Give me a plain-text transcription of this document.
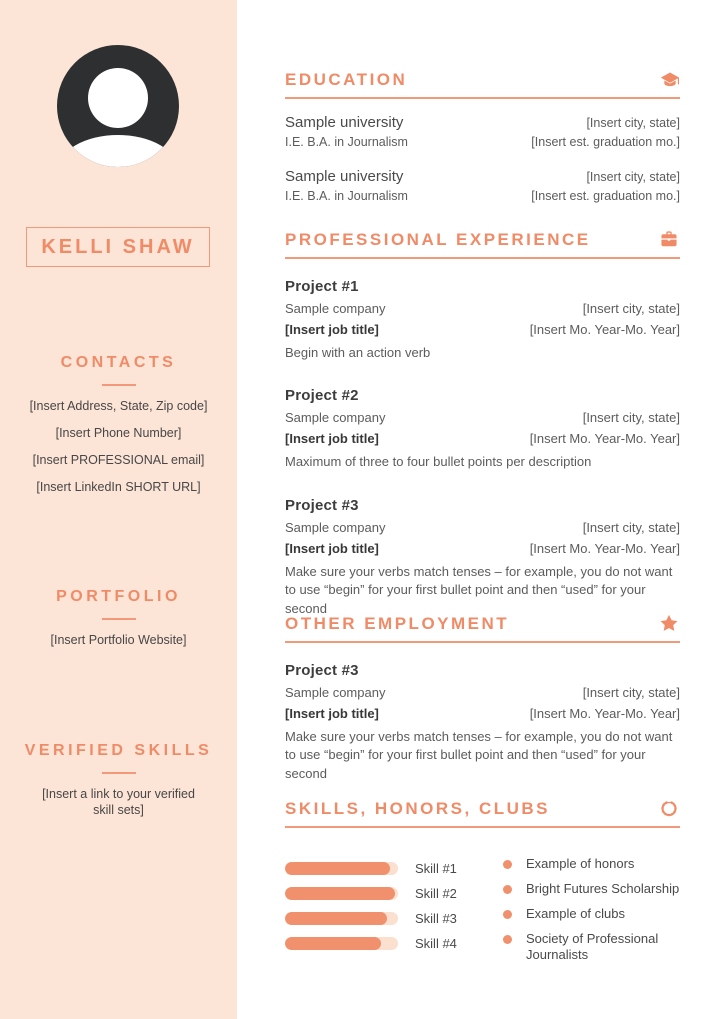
KELLI SHAW
CONTACTS
[Insert Address, State, Zip code]
[Insert Phone Number]
[Insert PROFESSIONAL email]
[Insert LinkedIn SHORT URL]
PORTFOLIO
[Insert Portfolio Website]
VERIFIED SKILLS
[Insert a link to your verified skill sets]
EDUCATION
Sample university	[Insert city, state]
I.E. B.A. in Journalism	[Insert est. graduation mo.]
Sample university	[Insert city, state]
I.E. B.A. in Journalism	[Insert est. graduation mo.]
PROFESSIONAL EXPERIENCE
Project #1
Sample company	[Insert city, state]
[Insert job title]	[Insert Mo. Year-Mo. Year]
Begin with an action verb
Project #2
Sample company	[Insert city, state]
[Insert job title]	[Insert Mo. Year-Mo. Year]
Maximum of three to four bullet points per description
Project #3
Sample company	[Insert city, state]
[Insert job title]	[Insert Mo. Year-Mo. Year]
Make sure your verbs match tenses – for example, you do not want to use “begin” for your first bullet point and then “used” for your second
OTHER EMPLOYMENT
Project #3
Sample company	[Insert city, state]
[Insert job title]	[Insert Mo. Year-Mo. Year]
Make sure your verbs match tenses – for example, you do not want to use “begin” for your first bullet point and then “used” for your second
SKILLS, HONORS, CLUBS
Skill #1
Skill #2
Skill #3
Skill #4
Example of honors
Bright Futures Scholarship
Example of clubs
Society of Professional Journalists
